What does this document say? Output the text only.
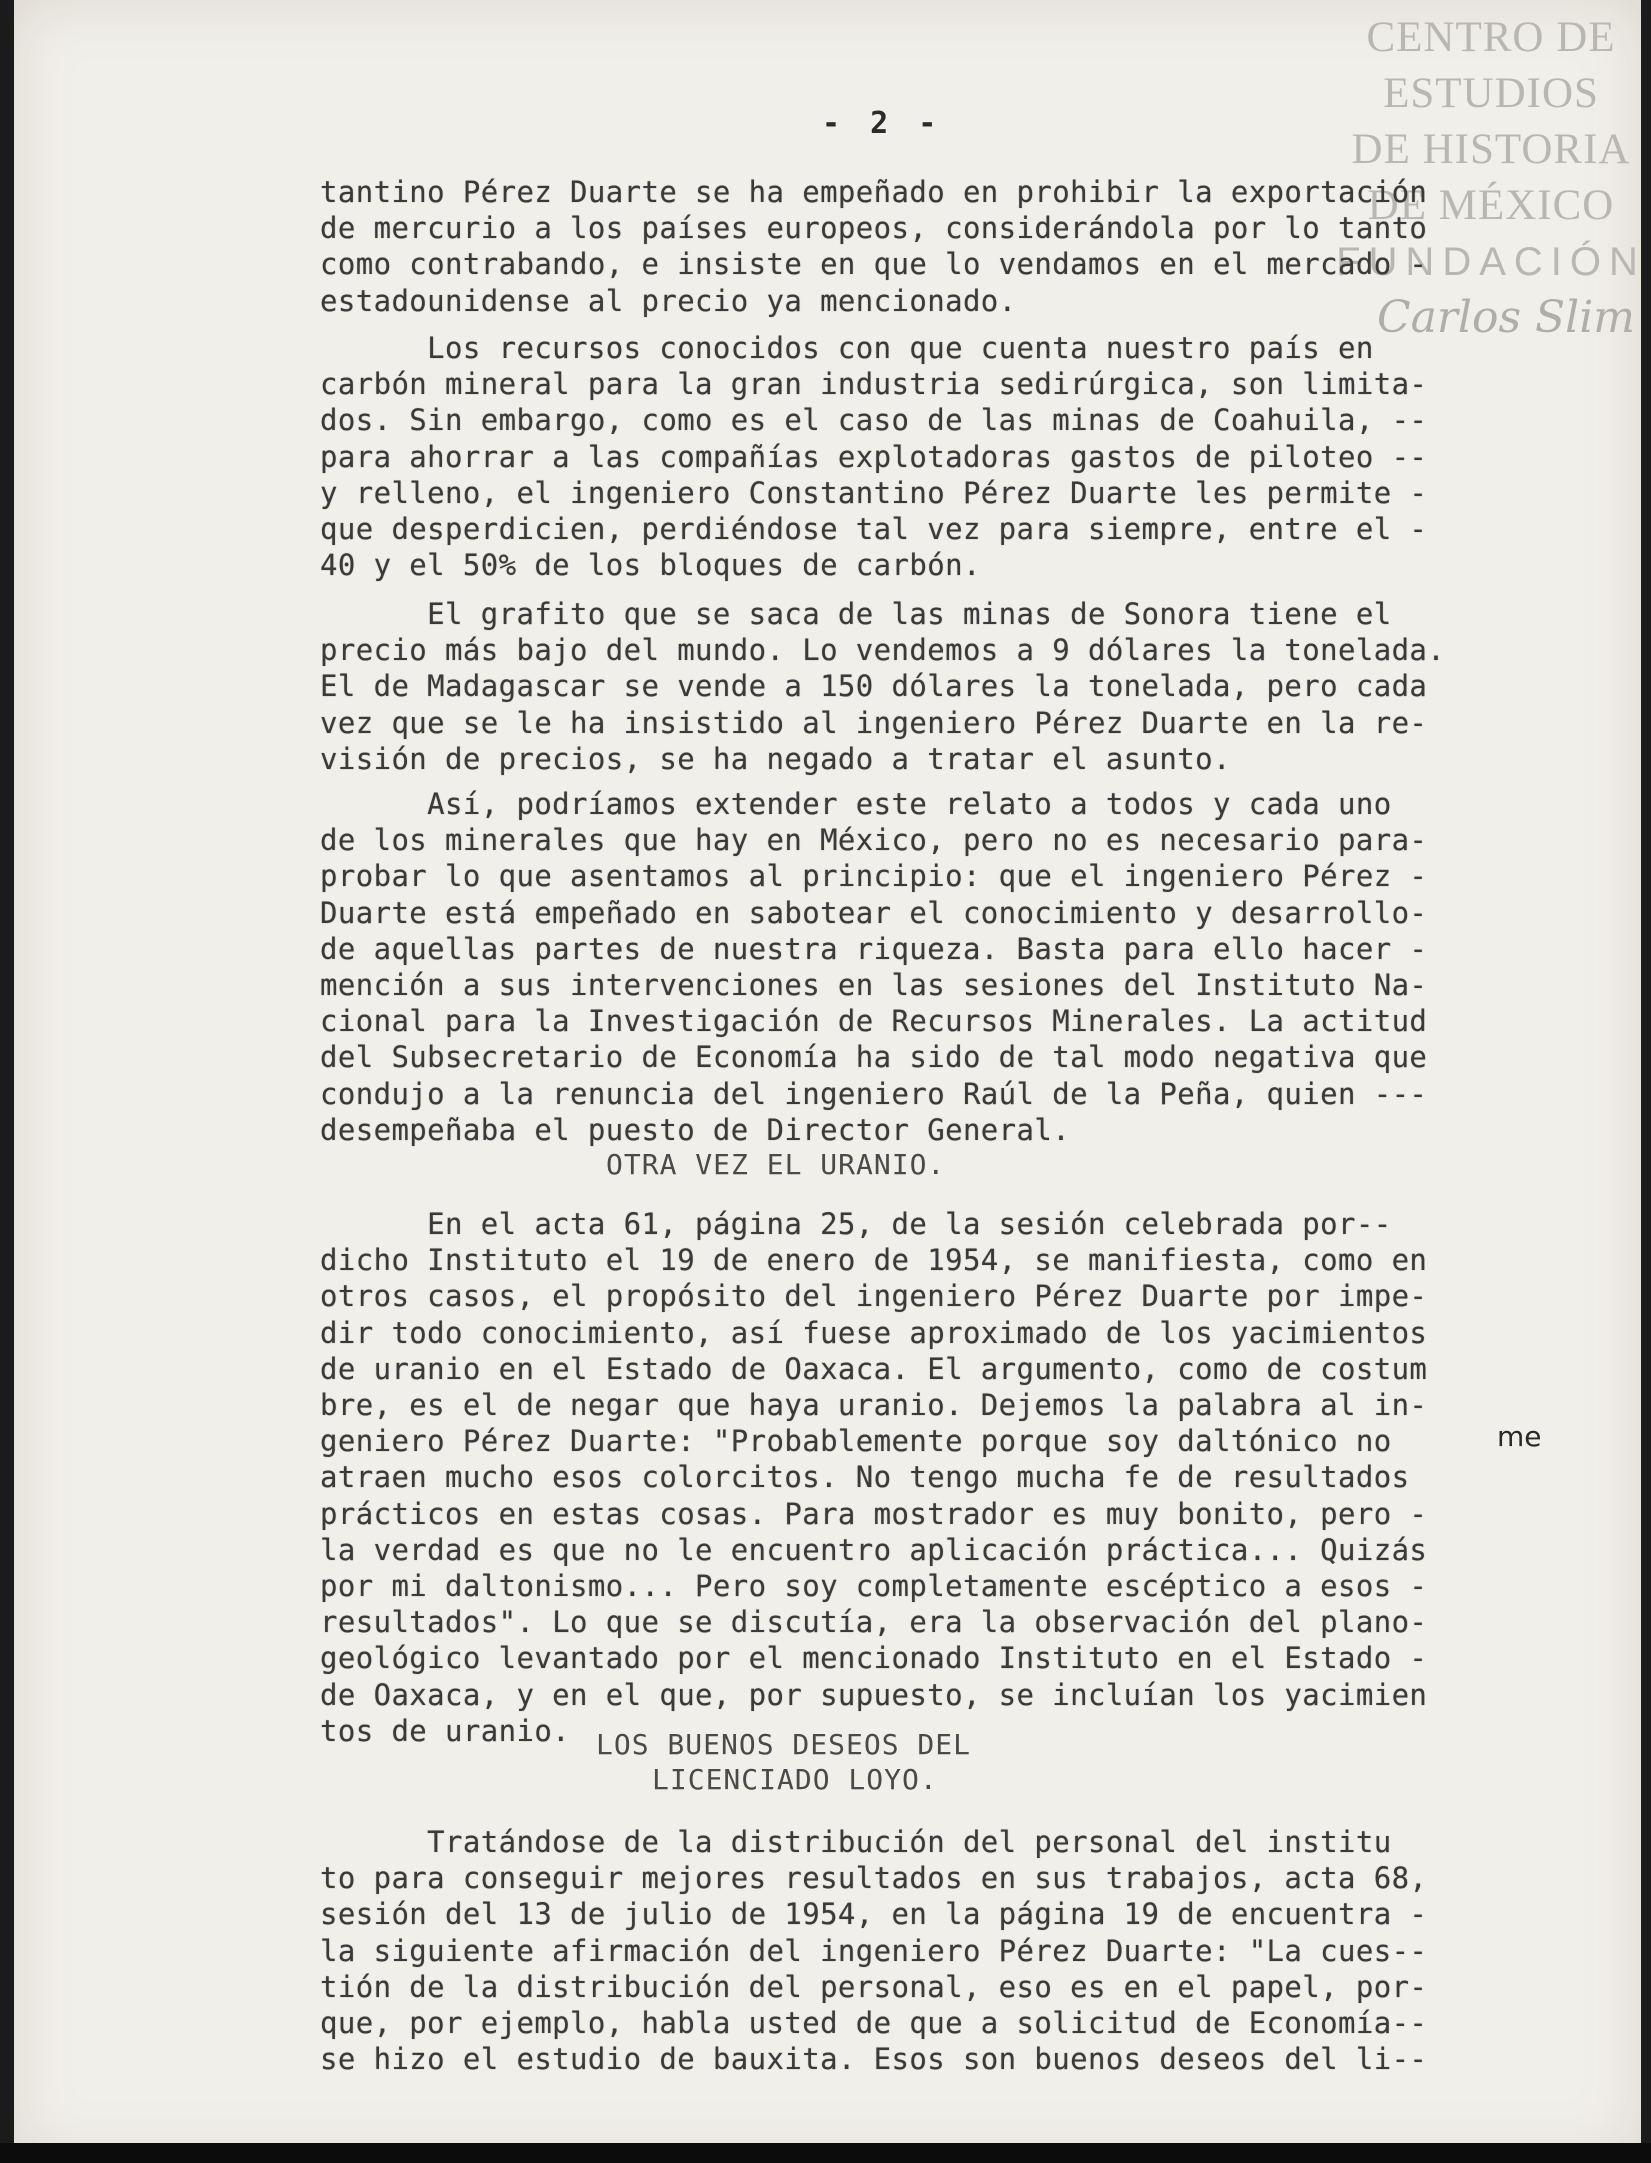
CENTRO DE
ESTUDIOS
DE HISTORIA
DE MÉXICO
FUNDACIÓN
Carlos Slim
- 2 -
tantino Pérez Duarte se ha empeñado en prohibir la exportación
de mercurio a los países europeos, considerándola por lo tanto
como contrabando, e insiste en que lo vendamos en el mercado -
estadounidense al precio ya mencionado.
Los recursos conocidos con que cuenta nuestro país en
carbón mineral para la gran industria sedirúrgica, son limita-
dos. Sin embargo, como es el caso de las minas de Coahuila, --
para ahorrar a las compañías explotadoras gastos de piloteo --
y relleno, el ingeniero Constantino Pérez Duarte les permite -
que desperdicien, perdiéndose tal vez para siempre, entre el -
40 y el 50% de los bloques de carbón.
El grafito que se saca de las minas de Sonora tiene el
precio más bajo del mundo. Lo vendemos a 9 dólares la tonelada.
El de Madagascar se vende a 150 dólares la tonelada, pero cada
vez que se le ha insistido al ingeniero Pérez Duarte en la re-
visión de precios, se ha negado a tratar el asunto.
Así, podríamos extender este relato a todos y cada uno
de los minerales que hay en México, pero no es necesario para-
probar lo que asentamos al principio: que el ingeniero Pérez -
Duarte está empeñado en sabotear el conocimiento y desarrollo-
de aquellas partes de nuestra riqueza. Basta para ello hacer -
mención a sus intervenciones en las sesiones del Instituto Na-
cional para la Investigación de Recursos Minerales. La actitud
del Subsecretario de Economía ha sido de tal modo negativa que
condujo a la renuncia del ingeniero Raúl de la Peña, quien ---
desempeñaba el puesto de Director General.
OTRA VEZ EL URANIO.
En el acta 61, página 25, de la sesión celebrada por--
dicho Instituto el 19 de enero de 1954, se manifiesta, como en
otros casos, el propósito del ingeniero Pérez Duarte por impe-
dir todo conocimiento, así fuese aproximado de los yacimientos
de uranio en el Estado de Oaxaca. El argumento, como de costum
bre, es el de negar que haya uranio. Dejemos la palabra al in-
geniero Pérez Duarte: "Probablemente porque soy daltónico no
atraen mucho esos colorcitos. No tengo mucha fe de resultados
prácticos en estas cosas. Para mostrador es muy bonito, pero -
la verdad es que no le encuentro aplicación práctica... Quizás
por mi daltonismo... Pero soy completamente escéptico a esos -
resultados". Lo que se discutía, era la observación del plano-
geológico levantado por el mencionado Instituto en el Estado -
de Oaxaca, y en el que, por supuesto, se incluían los yacimien
tos de uranio. LOS BUENOS DESEOS DEL
LICENCIADO LOYO.
Tratándose de la distribución del personal del institu
to para conseguir mejores resultados en sus trabajos, acta 68,
sesión del 13 de julio de 1954, en la página 19 de encuentra -
la siguiente afirmación del ingeniero Pérez Duarte: "La cues--
tión de la distribución del personal, eso es en el papel, por-
que, por ejemplo, habla usted de que a solicitud de Economía--
se hizo el estudio de bauxita. Esos son buenos deseos del li--
me
